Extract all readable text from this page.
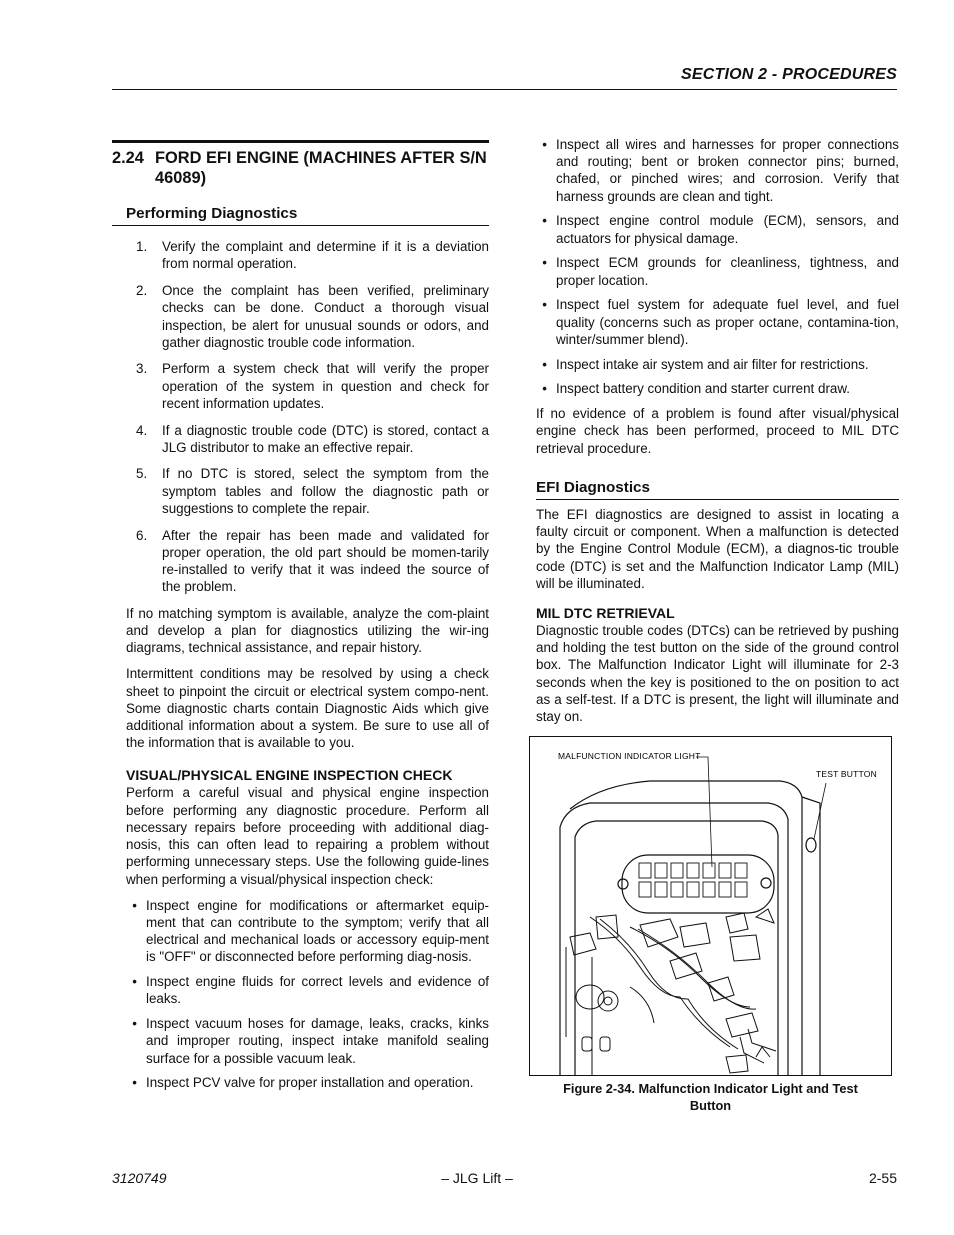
SECTION 2 - PROCEDURES
2.24 FORD EFI ENGINE (MACHINES AFTER S/N 46089)
Performing Diagnostics
1.	Verify the complaint and determine if it is a deviation from normal operation.
2.	Once the complaint has been verified, preliminary checks can be done. Conduct a thorough visual inspection, be alert for unusual sounds or odors, and gather diagnostic trouble code information.
3.	Perform a system check that will verify the proper operation of the system in question and check for recent information updates.
4.	If a diagnostic trouble code (DTC) is stored, contact a JLG distributor to make an effective repair.
5.	If no DTC is stored, select the symptom from the symptom tables and follow the diagnostic path or suggestions to complete the repair.
6.	After the repair has been made and validated for proper operation, the old part should be momen-tarily re-installed to verify that it was indeed the source of the problem.

If no matching symptom is available, analyze the com-plaint and develop a plan for diagnostics utilizing the wir-ing diagrams, technical assistance, and repair history.

Intermittent conditions may be resolved by using a check sheet to pinpoint the circuit or electrical system compo-nent. Some diagnostic charts contain Diagnostic Aids which give additional information about a system. Be sure to use all of the information that is available to you.

VISUAL/PHYSICAL ENGINE INSPECTION CHECK

Perform a careful visual and physical engine inspection before performing any diagnostic procedure. Perform all necessary repairs before proceeding with additional diag-nosis, this can often lead to repairing a problem without performing unnecessary steps. Use the following guide-lines when performing a visual/physical inspection check:

• Inspect engine for modifications or aftermarket equip-ment that can contribute to the symptom; verify that all electrical and mechanical loads or accessory equip-ment is "OFF" or disconnected before performing diag-nosis.
• Inspect engine fluids for correct levels and evidence of leaks.
• Inspect vacuum hoses for damage, leaks, cracks, kinks and improper routing, inspect intake manifold sealing surface for a possible vacuum leak.
• Inspect PCV valve for proper installation and operation.
• Inspect all wires and harnesses for proper connections and routing; bent or broken connector pins; burned, chafed, or pinched wires; and corrosion. Verify that harness grounds are clean and tight.
• Inspect engine control module (ECM), sensors, and actuators for physical damage.
• Inspect ECM grounds for cleanliness, tightness, and proper location.
• Inspect fuel system for adequate fuel level, and fuel quality (concerns such as proper octane, contamina-tion, winter/summer blend).
• Inspect intake air system and air filter for restrictions.
• Inspect battery condition and starter current draw.

If no evidence of a problem is found after visual/physical engine check has been performed, proceed to MIL DTC retrieval procedure.

EFI Diagnostics

The EFI diagnostics are designed to assist in locating a faulty circuit or component. When a malfunction is detected by the Engine Control Module (ECM), a diagnos-tic trouble code (DTC) is set and the Malfunction Indicator Lamp (MIL) will be illuminated.

MIL DTC RETRIEVAL

Diagnostic trouble codes (DTCs) can be retrieved by pushing and holding the test button on the side of the ground control box. The Malfunction Indicator Light will illuminate for 2-3 seconds when the key is positioned to the on position to act as a self-test. If a DTC is present, the light will illuminate and stay on.

MALFUNCTION INDICATOR LIGHT
TEST BUTTON
Figure 2-34. Malfunction Indicator Light and Test
Button
3120749	– JLG Lift –	2-55
